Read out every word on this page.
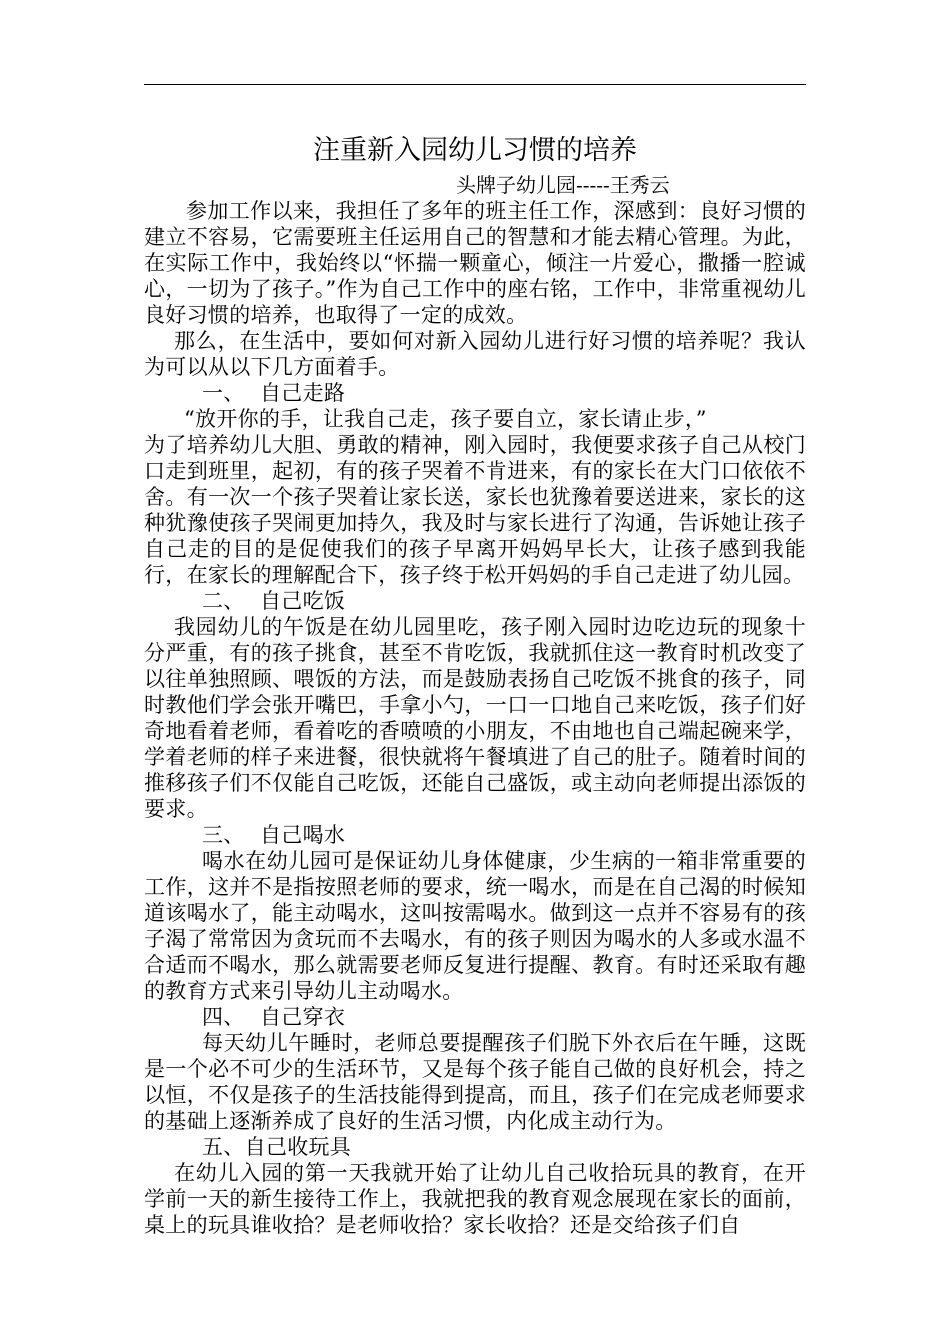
注重新入园幼儿习惯的培养
头牌子幼儿园-----王秀云

参加工作以来，我担任了多年的班主任工作，深感到：良好习惯的建立不容易，它需要班主任运用自己的智慧和才能去精心管理。为此，在实际工作中，我始终以“怀揣一颗童心，倾注一片爱心，撒播一腔诚心，一切为了孩子。”作为自己工作中的座右铭，工作中，非常重视幼儿良好习惯的培养，也取得了一定的成效。

那么，在生活中，要如何对新入园幼儿进行好习惯的培养呢？我认为可以从以下几方面着手。

一、 自己走路

“放开你的手，让我自己走，孩子要自立，家长请止步，”

为了培养幼儿大胆、勇敢的精神，刚入园时，我便要求孩子自己从校门口走到班里，起初，有的孩子哭着不肯进来，有的家长在大门口依依不舍。有一次一个孩子哭着让家长送，家长也犹豫着要送进来，家长的这种犹豫使孩子哭闹更加持久，我及时与家长进行了沟通，告诉她让孩子自己走的目的是促使我们的孩子早离开妈妈早长大，让孩子感到我能行，在家长的理解配合下，孩子终于松开妈妈的手自己走进了幼儿园。

二、 自己吃饭

我园幼儿的午饭是在幼儿园里吃，孩子刚入园时边吃边玩的现象十分严重，有的孩子挑食，甚至不肯吃饭，我就抓住这一教育时机改变了以往单独照顾、喂饭的方法，而是鼓励表扬自己吃饭不挑食的孩子，同时教他们学会张开嘴巴，手拿小勺，一口一口地自己来吃饭，孩子们好奇地看着老师，看着吃的香喷喷的小朋友，不由地也自己端起碗来学，学着老师的样子来进餐，很快就将午餐填进了自己的肚子。随着时间的推移孩子们不仅能自己吃饭，还能自己盛饭，或主动向老师提出添饭的要求。

三、 自己喝水

喝水在幼儿园可是保证幼儿身体健康，少生病的一箱非常重要的工作，这并不是指按照老师的要求，统一喝水，而是在自己渴的时候知道该喝水了，能主动喝水，这叫按需喝水。做到这一点并不容易有的孩子渴了常常因为贪玩而不去喝水，有的孩子则因为喝水的人多或水温不合适而不喝水，那么就需要老师反复进行提醒、教育。有时还采取有趣的教育方式来引导幼儿主动喝水。

四、 自己穿衣

每天幼儿午睡时，老师总要提醒孩子们脱下外衣后在午睡，这既是一个必不可少的生活环节，又是每个孩子能自己做的良好机会，持之以恒，不仅是孩子的生活技能得到提高，而且，孩子们在完成老师要求的基础上逐渐养成了良好的生活习惯，内化成主动行为。

五、自己收玩具

在幼儿入园的第一天我就开始了让幼儿自己收拾玩具的教育，在开学前一天的新生接待工作上，我就把我的教育观念展现在家长的面前，桌上的玩具谁收拾？是老师收拾？家长收拾？还是交给孩子们自
